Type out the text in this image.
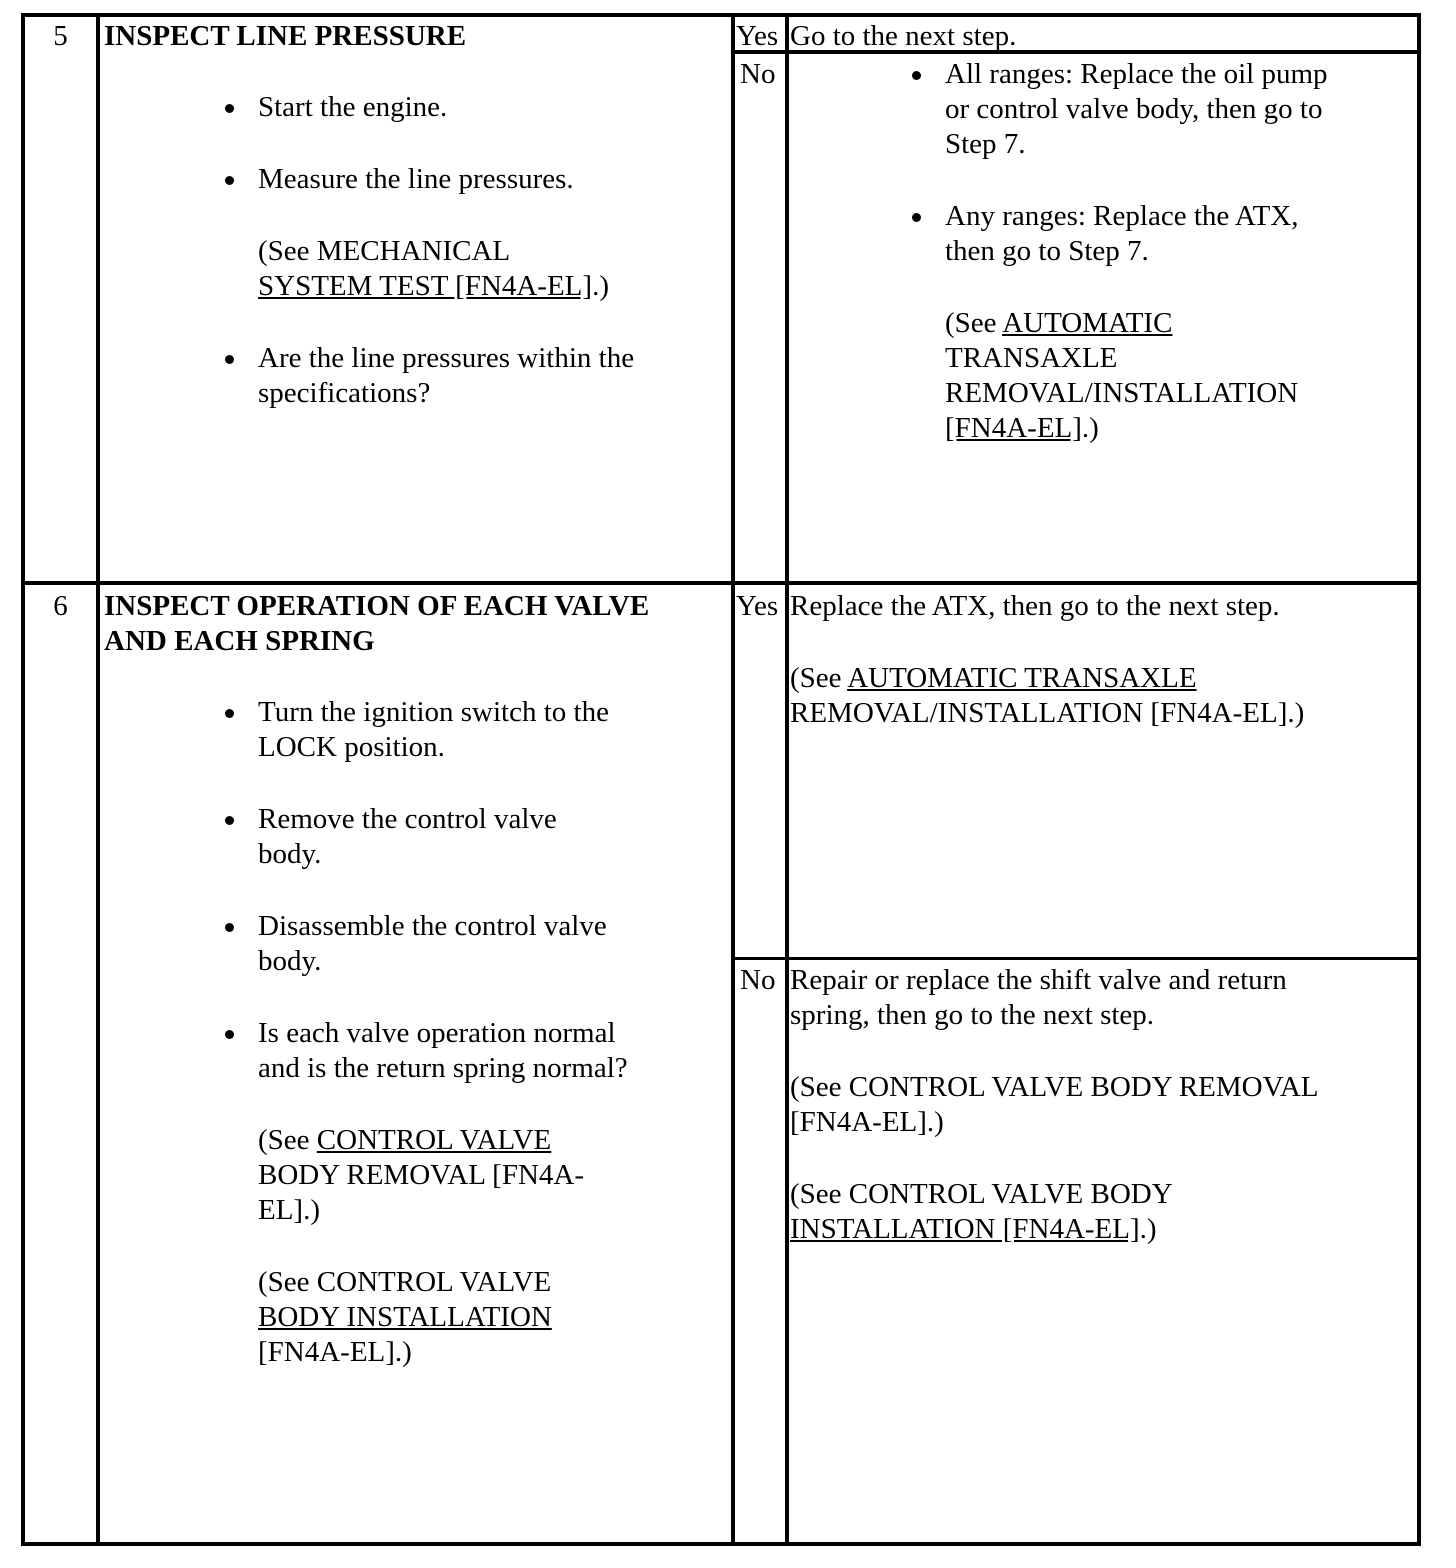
5	INSPECT LINE PRESSURE
Start the engine.
Measure the line pressures.
(See MECHANICAL
SYSTEM TEST [FN4A-EL].)
Are the line pressures within the specifications?
Yes Go to the next step.
No	All ranges: Replace the oil pump or control valve body, then go to Step 7.
Any ranges: Replace the ATX, then go to Step 7.
(See AUTOMATIC
TRANSAXLE REMOVAL/INSTALLATION
[FN4A-EL].)
6	INSPECT OPERATION OF EACH VALVE AND EACH SPRING
Turn the ignition switch to the LOCK position.
Remove the control valve body.
Disassemble the control valve body.
Is each valve operation normal and is the return spring normal?
(See CONTROL VALVE BODY REMOVAL [FN4A-EL].)
(See CONTROL VALVE
BODY INSTALLATION
[FN4A-EL].)
Yes Replace the ATX, then go to the next step.
(See AUTOMATIC TRANSAXLE REMOVAL/INSTALLATION [FN4A-EL].)
No Repair or replace the shift valve and return spring, then go to the next step.
(See CONTROL VALVE BODY REMOVAL [FN4A-EL].)
(See CONTROL VALVE BODY
INSTALLATION [FN4A-EL].)
